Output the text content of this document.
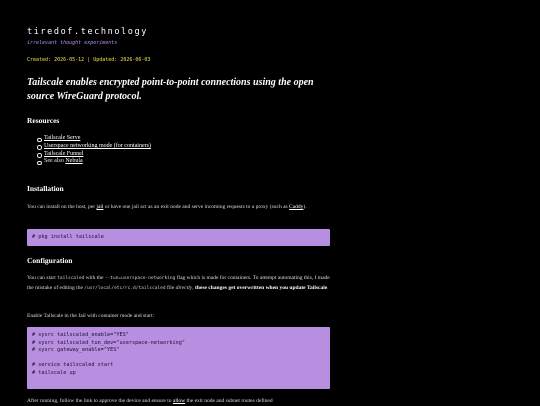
tiredof.technology
irrelevant thought experiments
Created: 2026-05-12 | Updated: 2026-06-03

Tailscale enables encrypted point-to-point connections using the open source WireGuard protocol.

Resources
Tailscale Serve
Userspace networking mode (for containers)
Tailscale Funnel
See also Nebula
Installation

You can install on the host, per jail or have one jail act as an exit node and serve incoming requests to a proxy (such as Caddy).

# pkg install tailscale
Configuration

You can start tailscaled with the --tun=userspace-networking flag which is made for containers. To attempt automating this, I made the mistake of editing the /usr/local/etc/rc.d/tailscaled file directly, these changes get overwritten when you update Tailscale.

Enable Tailscale in the Jail with container mode and start:

# sysrc tailscaled_enable="YES"
# sysrc tailscaled_tun_dev="userspace-networking"
# sysrc gateway_enable="YES"

# service tailscaled start
# tailscale up

After running, follow the link to approve the device and ensure to allow the exit node and subnet routes defined
